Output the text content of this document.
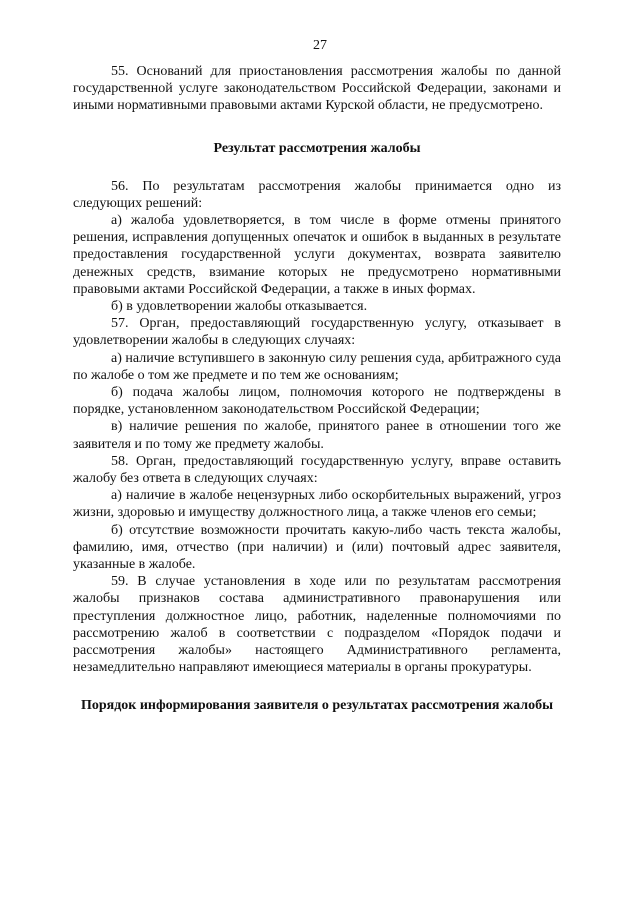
27

55. Оснований для приостановления рассмотрения жалобы по данной государственной услуге законодательством Российской Федерации, законами и иными нормативными правовыми актами Курской области, не предусмотрено.

Результат рассмотрения жалобы

56. По результатам рассмотрения жалобы принимается одно из следующих решений:

а) жалоба удовлетворяется, в том числе в форме отмены принятого решения, исправления допущенных опечаток и ошибок в выданных в результате предоставления государственной услуги документах, возврата заявителю денежных средств, взимание которых не предусмотрено нормативными правовыми актами Российской Федерации, а также в иных формах.

б) в удовлетворении жалобы отказывается.

57. Орган, предоставляющий государственную услугу, отказывает в удовлетворении жалобы в следующих случаях:

а) наличие вступившего в законную силу решения суда, арбитражного суда по жалобе о том же предмете и по тем же основаниям;

б) подача жалобы лицом, полномочия которого не подтверждены в порядке, установленном законодательством Российской Федерации;

в) наличие решения по жалобе, принятого ранее в отношении того же заявителя и по тому же предмету жалобы.

58. Орган, предоставляющий государственную услугу, вправе оставить жалобу без ответа в следующих случаях:

а) наличие в жалобе нецензурных либо оскорбительных выражений, угроз жизни, здоровью и имуществу должностного лица, а также членов его семьи;

б) отсутствие возможности прочитать какую-либо часть текста жалобы, фамилию, имя, отчество (при наличии) и (или) почтовый адрес заявителя, указанные в жалобе.

59. В случае установления в ходе или по результатам рассмотрения жалобы признаков состава административного правонарушения или преступления должностное лицо, работник, наделенные полномочиями по рассмотрению жалоб в соответствии с подразделом «Порядок подачи и рассмотрения жалобы» настоящего Административного регламента, незамедлительно направляют имеющиеся материалы в органы прокуратуры.

Порядок информирования заявителя о результатах рассмотрения жалобы
